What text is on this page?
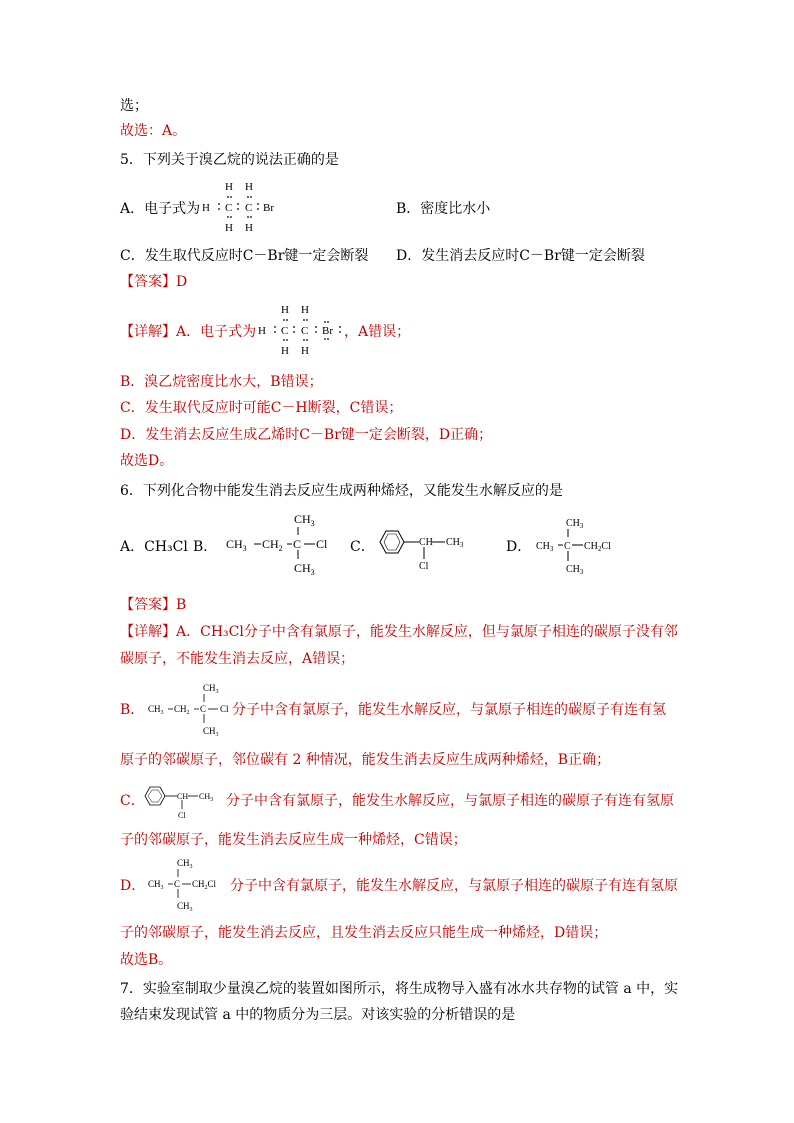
选；
故选：A。
5．下列关于溴乙烷的说法正确的是
A．电子式为
H H
H C C Br
H H
B．密度比水小
C．发生取代反应时C－Br键一定会断裂 D．发生消去反应时C－Br键一定会断裂
【答案】D
【详解】A．电子式为
H H
H C C Br
H H
，A错误；
B．溴乙烷密度比水大，B错误；
C．发生取代反应时可能C－H断裂，C错误；
D．发生消去反应生成乙烯时C－Br键一定会断裂，D正确；
故选D。
6．下列化合物中能发生消去反应生成两种烯烃，又能发生水解反应的是
A．CH₃Cl B． $CH_3$ $CH_2$ C Cl
$CH_3$
$CH_3$
C．	CH $CH_3$
Cl
D． $CH_3$ C $CH_2Cl$
$CH_3$
$CH_3$
【答案】B
【详解】A．CH₃Cl分子中含有氯原子，能发生水解反应，但与氯原子相连的碳原子没有邻
碳原子，不能发生消去反应，A错误；
B． $CH_3$ $CH_2$ C Cl
$CH_3$
$CH_3$
分子中含有氯原子，能发生水解反应，与氯原子相连的碳原子有连有氢
原子的邻碳原子，邻位碳有 2 种情况，能发生消去反应生成两种烯烃，B正确；
C．	CH $CH_3$
Cl
分子中含有氯原子，能发生水解反应，与氯原子相连的碳原子有连有氢原
子的邻碳原子，能发生消去反应生成一种烯烃，C错误；
D． $CH_3$ C $CH_2Cl$
$CH_3$
$CH_3$
分子中含有氯原子，能发生水解反应，与氯原子相连的碳原子有连有氢原
子的邻碳原子，能发生消去反应，且发生消去反应只能生成一种烯烃，D错误；
故选B。
7．实验室制取少量溴乙烷的装置如图所示，将生成物导入盛有冰水共存物的试管 a 中，实
验结束发现试管 a 中的物质分为三层。对该实验的分析错误的是
